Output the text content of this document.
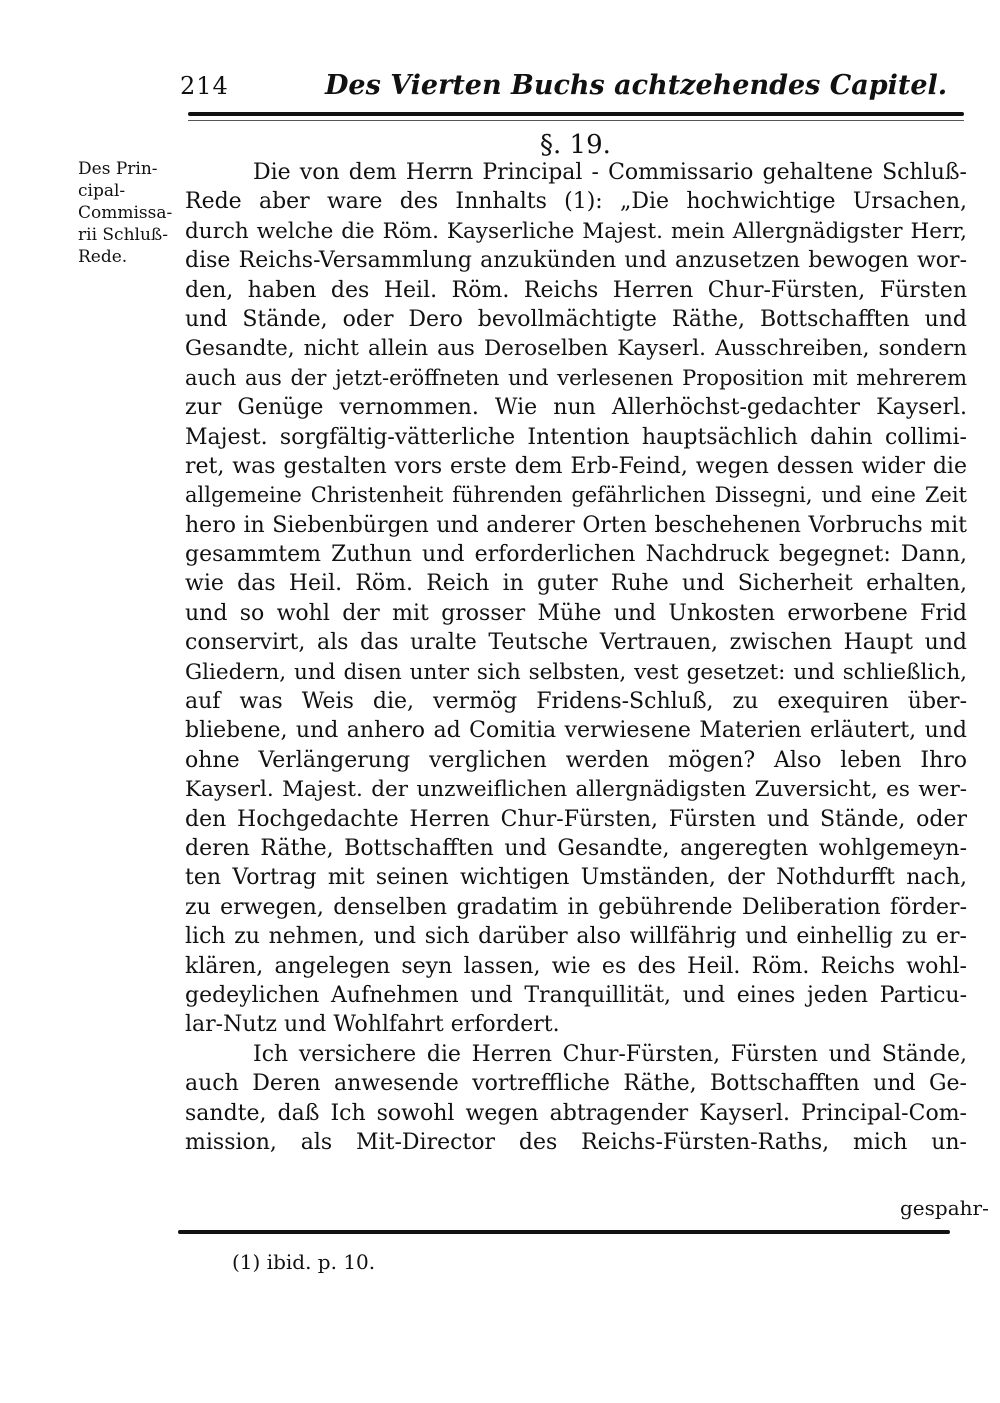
214	Des Vierten Buchs achtzehendes Capitel.
§. 19.
Des Prin-
cipal-
Commissa-
rii Schluß-
Rede.
Die von dem Herrn Principal - Commissario gehaltene Schluß-
Rede aber ware des Innhalts (1): „Die hochwichtige Ursachen,
durch welche die Röm. Kayserliche Majest. mein Allergnädigster Herr,
dise Reichs-Versammlung anzukünden und anzusetzen bewogen wor-
den, haben des Heil. Röm. Reichs Herren Chur-Fürsten, Fürsten
und Stände, oder Dero bevollmächtigte Räthe, Bottschafften und
Gesandte, nicht allein aus Deroselben Kayserl. Ausschreiben, sondern
auch aus der jetzt-eröffneten und verlesenen Proposition mit mehrerem
zur Genüge vernommen. Wie nun Allerhöchst-gedachter Kayserl.
Majest. sorgfältig-vätterliche Intention hauptsächlich dahin collimi-
ret, was gestalten vors erste dem Erb-Feind, wegen dessen wider die
allgemeine Christenheit führenden gefährlichen Dissegni, und eine Zeit
hero in Siebenbürgen und anderer Orten beschehenen Vorbruchs mit
gesammtem Zuthun und erforderlichen Nachdruck begegnet: Dann,
wie das Heil. Röm. Reich in guter Ruhe und Sicherheit erhalten,
und so wohl der mit grosser Mühe und Unkosten erworbene Frid
conservirt, als das uralte Teutsche Vertrauen, zwischen Haupt und
Gliedern, und disen unter sich selbsten, vest gesetzet: und schließlich,
auf was Weis die, vermög Fridens-Schluß, zu exequiren über-
bliebene, und anhero ad Comitia verwiesene Materien erläutert, und
ohne Verlängerung verglichen werden mögen? Also leben Ihro
Kayserl. Majest. der unzweiflichen allergnädigsten Zuversicht, es wer-
den Hochgedachte Herren Chur-Fürsten, Fürsten und Stände, oder
deren Räthe, Bottschafften und Gesandte, angeregten wohlgemeyn-
ten Vortrag mit seinen wichtigen Umständen, der Nothdurfft nach,
zu erwegen, denselben gradatim in gebührende Deliberation förder-
lich zu nehmen, und sich darüber also willfährig und einhellig zu er-
klären, angelegen seyn lassen, wie es des Heil. Röm. Reichs wohl-
gedeylichen Aufnehmen und Tranquillität, und eines jeden Particu-
lar-Nutz und Wohlfahrt erfordert.
Ich versichere die Herren Chur-Fürsten, Fürsten und Stände,
auch Deren anwesende vortreffliche Räthe, Bottschafften und Ge-
sandte, daß Ich sowohl wegen abtragender Kayserl. Principal-Com-
mission, als Mit-Director des Reichs-Fürsten-Raths, mich un-
gespahr-
(1) ibid. p. 10.
